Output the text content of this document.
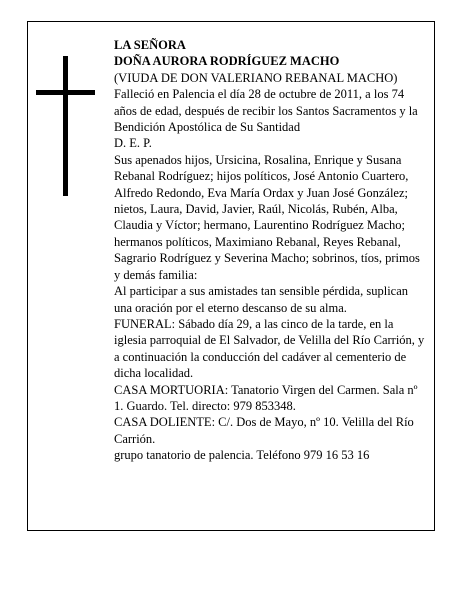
LA SEÑORA

DOÑA AURORA RODRÍGUEZ MACHO

(VIUDA DE DON VALERIANO REBANAL MACHO)

Falleció en Palencia el día 28 de octubre de 2011, a los 74 años de edad, después de recibir los Santos Sacramentos y la Bendición Apostólica de Su Santidad

D. E. P.

Sus apenados hijos, Ursicina, Rosalina, Enrique y Susana Rebanal Rodríguez; hijos políticos, José Antonio Cuartero, Alfredo Redondo, Eva María Ordax y Juan José González; nietos, Laura, David, Javier, Raúl, Nicolás, Rubén, Alba, Claudia y Víctor; hermano, Laurentino Rodríguez Macho; hermanos políticos, Maximiano Rebanal, Reyes Rebanal, Sagrario Rodríguez y Severina Macho; sobrinos, tíos, primos y demás familia:

Al participar a sus amistades tan sensible pérdida, suplican una oración por el eterno descanso de su alma.

FUNERAL: Sábado día 29, a las cinco de la tarde, en la iglesia parroquial de El Salvador, de Velilla del Río Carrión, y a continuación la conducción del cadáver al cementerio de dicha localidad.

CASA MORTUORIA: Tanatorio Virgen del Carmen. Sala nº 1. Guardo. Tel. directo: 979 853348.

CASA DOLIENTE: C/. Dos de Mayo, nº 10. Velilla del Río Carrión.

grupo tanatorio de palencia. Teléfono 979 16 53 16
